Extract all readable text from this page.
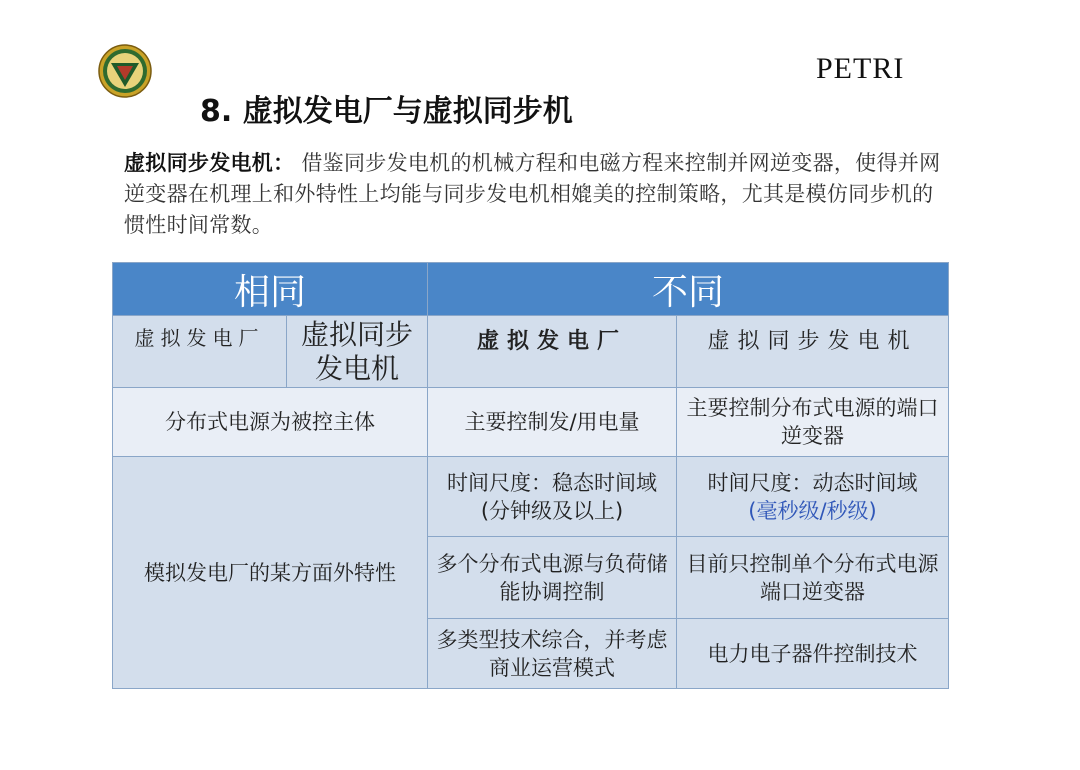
PETRI
8. 虚拟发电厂与虚拟同步机
虚拟同步发电机： 借鉴同步发电机的机械方程和电磁方程来控制并网逆变器，使得并网逆变器在机理上和外特性上均能与同步发电机相媲美的控制策略，尤其是模仿同步机的惯性时间常数。
相同		不同	
虚拟发电厂	虚拟同步发电机	虚拟发电厂	虚拟同步发电机
分布式电源为被控主体		主要控制发/用电量	主要控制分布式电源的端口逆变器
模拟发电厂的某方面外特性		时间尺度：稳态时间域(分钟级及以上)	时间尺度：动态时间域
(毫秒级/秒级)
		多个分布式电源与负荷储能协调控制	目前只控制单个分布式电源端口逆变器
		多类型技术综合，并考虑商业运营模式	电力电子器件控制技术
